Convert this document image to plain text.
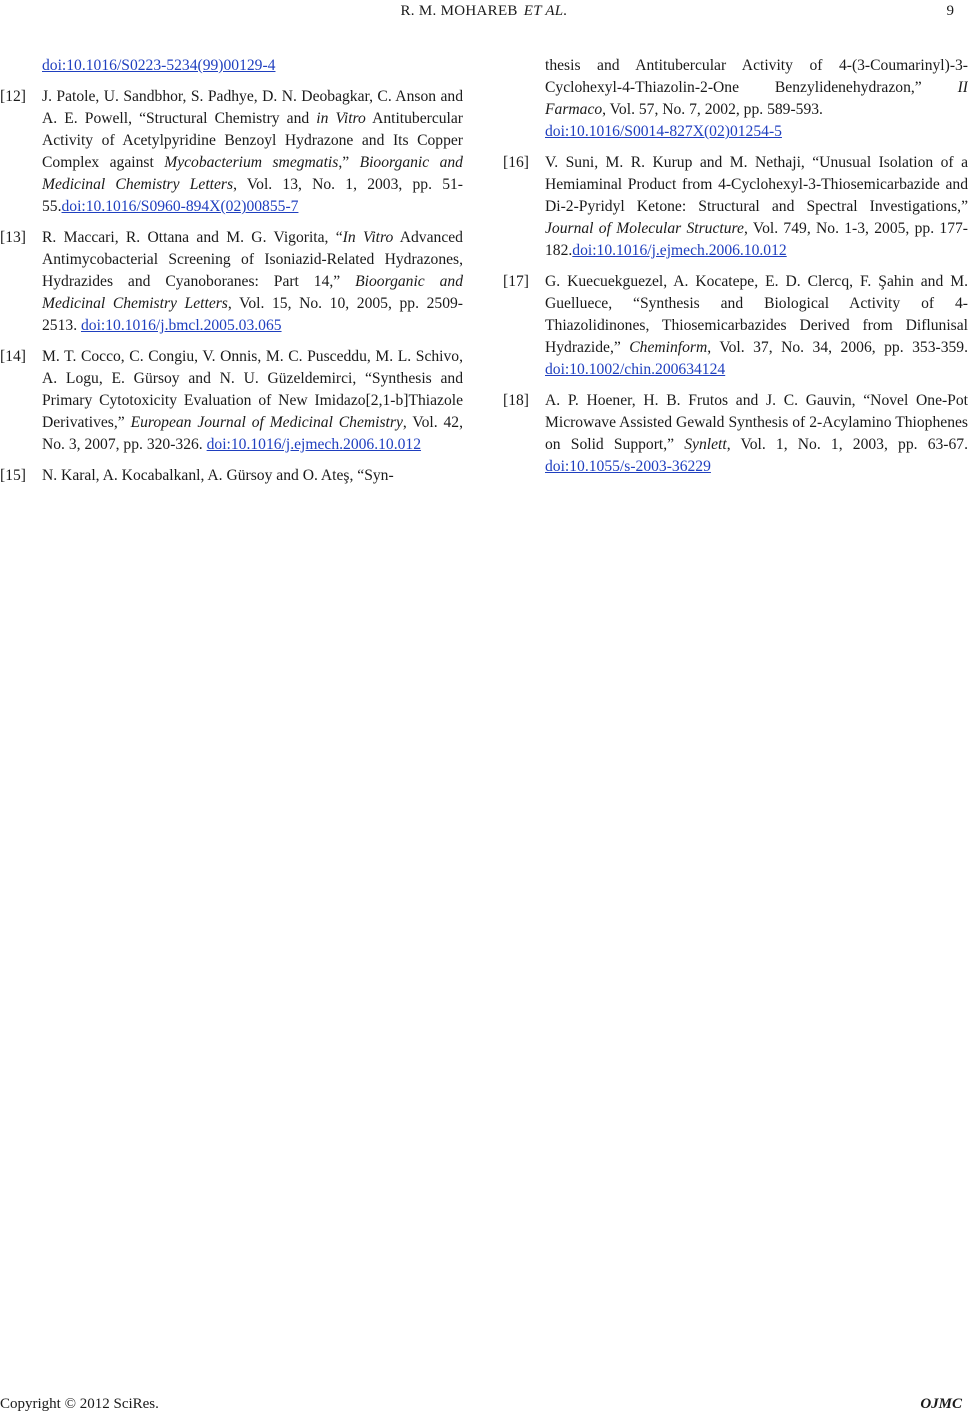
R. M. MOHAREB ET AL.	9
doi:10.1016/S0223-5234(99)00129-4
[12] J. Patole, U. Sandbhor, S. Padhye, D. N. Deobagkar, C. Anson and A. E. Powell, “Structural Chemistry and in Vitro Antitubercular Activity of Acetylpyridine Benzoyl Hydrazone and Its Copper Complex against Mycobacterium smegmatis,” Bioorganic and Medicinal Chemistry Letters, Vol. 13, No. 1, 2003, pp. 51-55.doi:10.1016/S0960-894X(02)00855-7
[13] R. Maccari, R. Ottana and M. G. Vigorita, “In Vitro Advanced Antimycobacterial Screening of Isoniazid-Related Hydrazones, Hydrazides and Cyanoboranes: Part 14,” Bioorganic and Medicinal Chemistry Letters, Vol. 15, No. 10, 2005, pp. 2509-2513. doi:10.1016/j.bmcl.2005.03.065
[14] M. T. Cocco, C. Congiu, V. Onnis, M. C. Pusceddu, M. L. Schivo, A. Logu, E. Gürsoy and N. U. Güzeldemirci, “Synthesis and Primary Cytotoxicity Evaluation of New Imidazo[2,1-b]Thiazole Derivatives,” European Journal of Medicinal Chemistry, Vol. 42, No. 3, 2007, pp. 320-326. doi:10.1016/j.ejmech.2006.10.012
[15] N. Karal, A. Kocabalkanl, A. Gürsoy and O. Ateş, “Syn-
thesis and Antitubercular Activity of 4-(3-Coumarinyl)-3-Cyclohexyl-4-Thiazolin-2-One Benzylidenehydrazon,” II Farmaco, Vol. 57, No. 7, 2002, pp. 589-593.
doi:10.1016/S0014-827X(02)01254-5
[16] V. Suni, M. R. Kurup and M. Nethaji, “Unusual Isolation of a Hemiaminal Product from 4-Cyclohexyl-3-Thiosemicarbazide and Di-2-Pyridyl Ketone: Structural and Spectral Investigations,” Journal of Molecular Structure, Vol. 749, No. 1-3, 2005, pp. 177-182.doi:10.1016/j.ejmech.2006.10.012
[17] G. Kuecuekguezel, A. Kocatepe, E. D. Clercq, F. Şahin and M. Guelluece, “Synthesis and Biological Activity of 4-Thiazolidinones, Thiosemicarbazides Derived from Diflunisal Hydrazide,” Cheminform, Vol. 37, No. 34, 2006, pp. 353-359. doi:10.1002/chin.200634124
[18] A. P. Hoener, H. B. Frutos and J. C. Gauvin, “Novel One-Pot Microwave Assisted Gewald Synthesis of 2-Acylamino Thiophenes on Solid Support,” Synlett, Vol. 1, No. 1, 2003, pp. 63-67. doi:10.1055/s-2003-36229
Copyright © 2012 SciRes.	OJMC
